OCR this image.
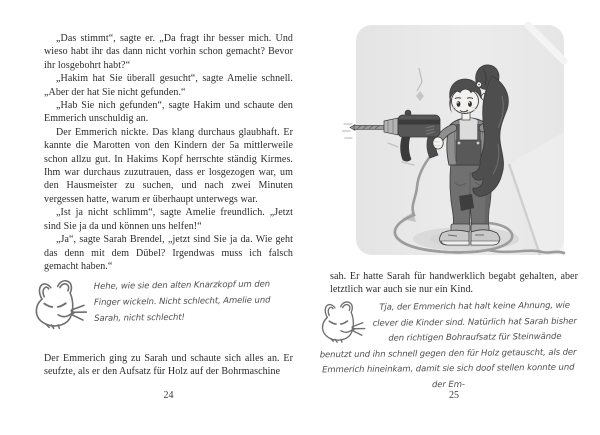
„Das stimmt“, sagte er. „Da fragt ihr besser mich. Und wieso habt ihr das dann nicht vorhin schon gemacht? Bevor ihr losgebohrt habt?“

„Hakim hat Sie überall gesucht“, sagte Amelie schnell. „Aber der hat Sie nicht gefunden.“

„Hab Sie nich gefunden“, sagte Hakim und schaute den Emmerich unschuldig an.

Der Emmerich nickte. Das klang durchaus glaubhaft. Er kannte die Marotten von den Kindern der 5a mittlerweile schon allzu gut. In Hakims Kopf herrschte ständig Kirmes. Ihm war durchaus zuzutrauen, dass er losgezogen war, um den Hausmeister zu suchen, und nach zwei Minuten vergessen hatte, warum er überhaupt unterwegs war.

„Ist ja nicht schlimm“, sagte Amelie freundlich. „Jetzt sind Sie ja da und können uns helfen!“

„Ja“, sagte Sarah Brendel, „jetzt sind Sie ja da. Wie geht das denn mit dem Dübel? Irgendwas muss ich falsch gemacht haben.“

Hehe, wie sie den alten Knarzkopf um den Finger wickeln. Nicht schlecht, Amelie und Sarah, nicht schlecht!

Der Emmerich ging zu Sarah und schaute sich alles an. Er seufzte, als er den Aufsatz für Holz auf der Bohrmaschine

24

sah. Er hatte Sarah für handwerklich begabt gehalten, aber letztlich war auch sie nur ein Kind.

Tja, der Emmerich hat halt keine Ahnung, wie clever die Kinder sind. Natürlich hat Sarah bisher den richtigen Bohraufsatz für Steinwände benutzt und ihn schnell gegen den für Holz getauscht, als der Emmerich hineinkam, damit sie sich doof stellen konnte und der Em-
25
